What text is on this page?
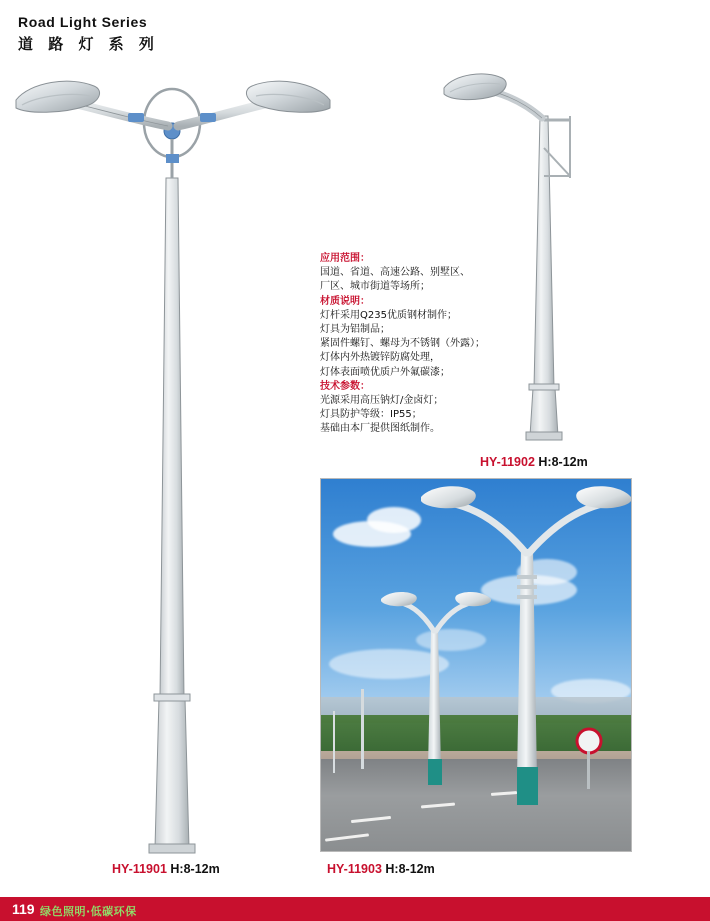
Road Light Series
道 路 灯 系 列
应用范围：
国道、省道、高速公路、别墅区、
厂区、城市街道等场所；
材质说明：
灯杆采用Q235优质钢材制作；
灯具为铝制品；
紧固件螺钉、螺母为不锈钢（外露）；
灯体内外热镀锌防腐处理，
灯体表面喷优质户外氟碳漆；
技术参数：
光源采用高压钠灯/金卤灯；
灯具防护等级：IP55；
基础由本厂提供图纸制作。
HY-11901 H:8-12m
HY-11902 H:8-12m
HY-11903 H:8-12m
119 绿色照明·低碳环保
